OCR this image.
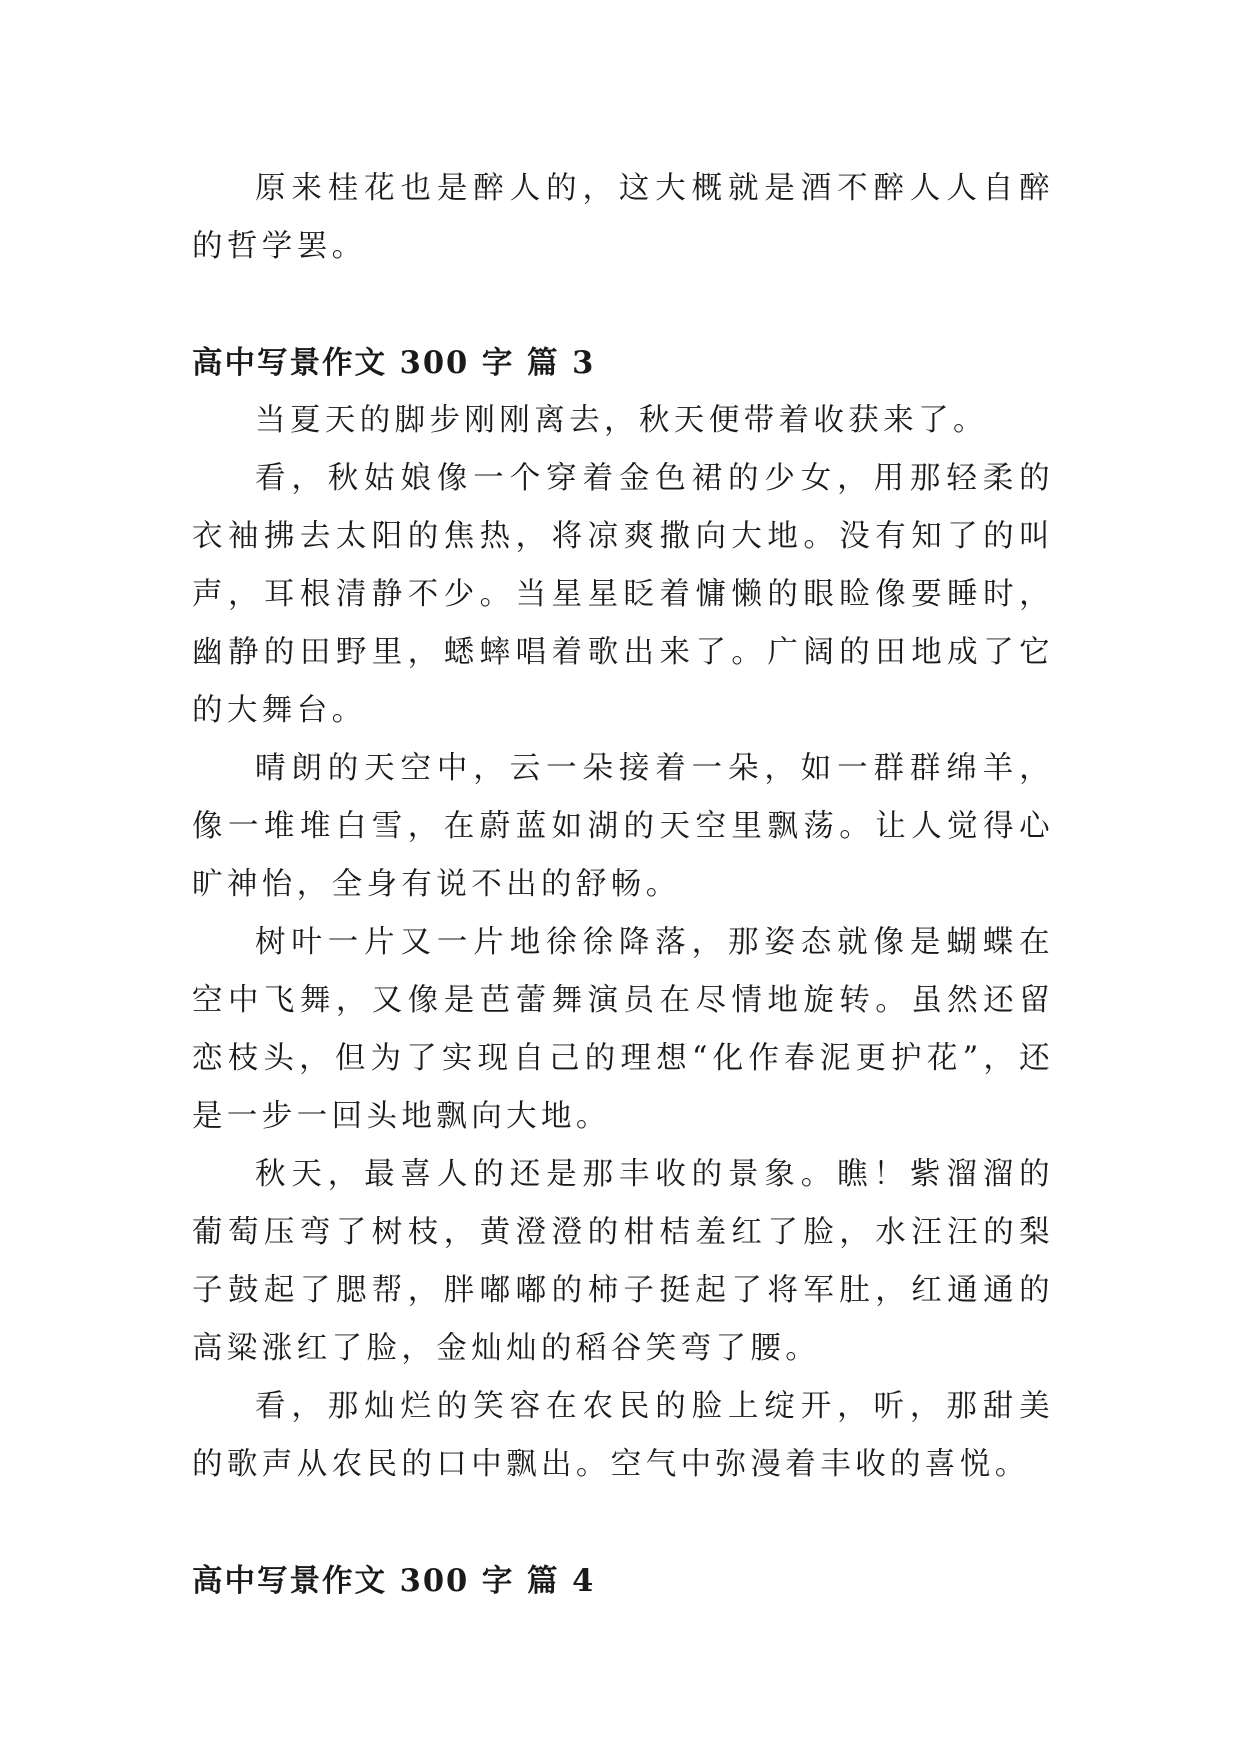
原来桂花也是醉人的，这大概就是酒不醉人人自醉的哲学罢。

高中写景作文 300 字 篇 3

当夏天的脚步刚刚离去，秋天便带着收获来了。

看，秋姑娘像一个穿着金色裙的少女，用那轻柔的衣袖拂去太阳的焦热，将凉爽撒向大地。没有知了的叫声，耳根清静不少。当星星眨着慵懒的眼睑像要睡时，幽静的田野里，蟋蟀唱着歌出来了。广阔的田地成了它的大舞台。

晴朗的天空中，云一朵接着一朵，如一群群绵羊，像一堆堆白雪，在蔚蓝如湖的天空里飘荡。让人觉得心旷神怡，全身有说不出的舒畅。

树叶一片又一片地徐徐降落，那姿态就像是蝴蝶在空中飞舞，又像是芭蕾舞演员在尽情地旋转。虽然还留恋枝头，但为了实现自己的理想“化作春泥更护花”，还是一步一回头地飘向大地。

秋天，最喜人的还是那丰收的景象。瞧！紫溜溜的葡萄压弯了树枝，黄澄澄的柑桔羞红了脸，水汪汪的梨子鼓起了腮帮，胖嘟嘟的柿子挺起了将军肚，红通通的高粱涨红了脸，金灿灿的稻谷笑弯了腰。

看，那灿烂的笑容在农民的脸上绽开，听，那甜美的歌声从农民的口中飘出。空气中弥漫着丰收的喜悦。

高中写景作文 300 字 篇 4
